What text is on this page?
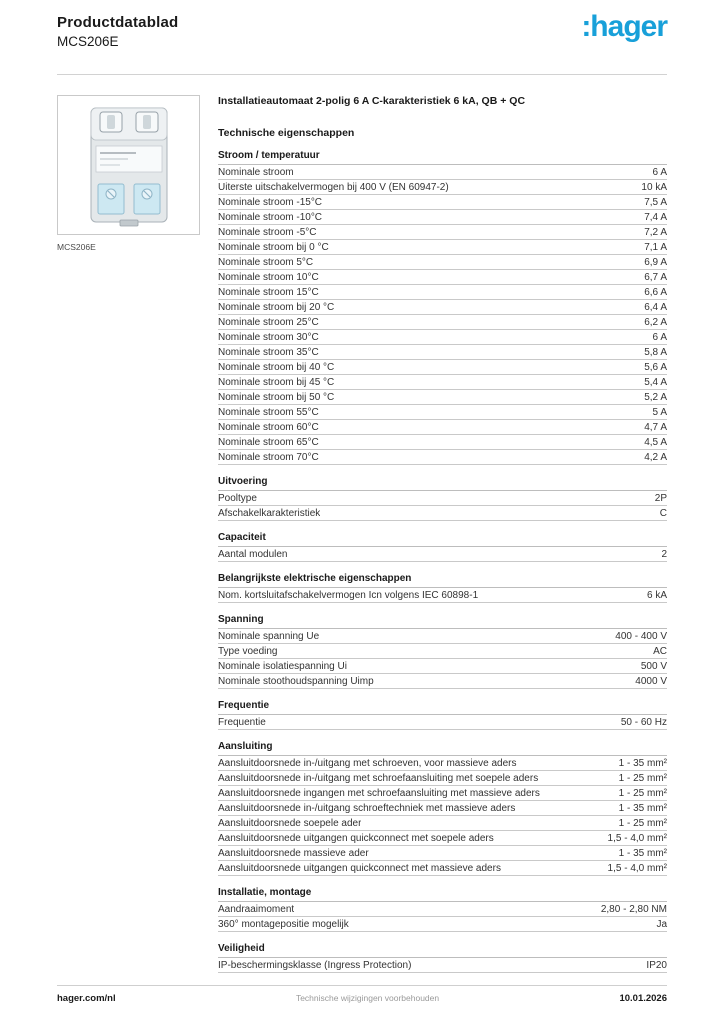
Productdatablad
MCS206E	:hager
MCS206E
Installatieautomaat 2-polig 6 A C-karakteristiek 6 kA, QB + QC
Technische eigenschappen
Stroom / temperatuur
Nominale stroom	6 A
Uiterste uitschakelvermogen bij 400 V (EN 60947-2)	10 kA
Nominale stroom -15°C	7,5 A
Nominale stroom -10°C	7,4 A
Nominale stroom -5°C	7,2 A
Nominale stroom bij 0 °C	7,1 A
Nominale stroom 5°C	6,9 A
Nominale stroom 10°C	6,7 A
Nominale stroom 15°C	6,6 A
Nominale stroom bij 20 °C	6,4 A
Nominale stroom 25°C	6,2 A
Nominale stroom 30°C	6 A
Nominale stroom 35°C	5,8 A
Nominale stroom bij 40 °C	5,6 A
Nominale stroom bij 45 °C	5,4 A
Nominale stroom bij 50 °C	5,2 A
Nominale stroom 55°C	5 A
Nominale stroom 60°C	4,7 A
Nominale stroom 65°C	4,5 A
Nominale stroom 70°C	4,2 A
Uitvoering
Pooltype	2P
Afschakelkarakteristiek	C
Capaciteit
Aantal modulen	2
Belangrijkste elektrische eigenschappen
Nom. kortsluitafschakelvermogen Icn volgens IEC 60898-1	6 kA
Spanning
Nominale spanning Ue	400 - 400 V
Type voeding	AC
Nominale isolatiespanning Ui	500 V
Nominale stoothoudspanning Uimp	4000 V
Frequentie
Frequentie	50 - 60 Hz
Aansluiting
Aansluitdoorsnede in-/uitgang met schroeven, voor massieve aders	1 - 35 mm²
Aansluitdoorsnede in-/uitgang met schroefaansluiting met soepele aders	1 - 25 mm²
Aansluitdoorsnede ingangen met schroefaansluiting met massieve aders	1 - 25 mm²
Aansluitdoorsnede in-/uitgang schroeftechniek met massieve aders	1 - 35 mm²
Aansluitdoorsnede soepele ader	1 - 25 mm²
Aansluitdoorsnede uitgangen quickconnect met soepele aders	1,5 - 4,0 mm²
Aansluitdoorsnede massieve ader	1 - 35 mm²
Aansluitdoorsnede uitgangen quickconnect met massieve aders	1,5 - 4,0 mm²
Installatie, montage
Aandraaimoment	2,80 - 2,80 NM
360° montagepositie mogelijk	Ja
Veiligheid
IP-beschermingsklasse (Ingress Protection)	IP20
hager.com/nl	Technische wijzigingen voorbehouden	10.01.2026
